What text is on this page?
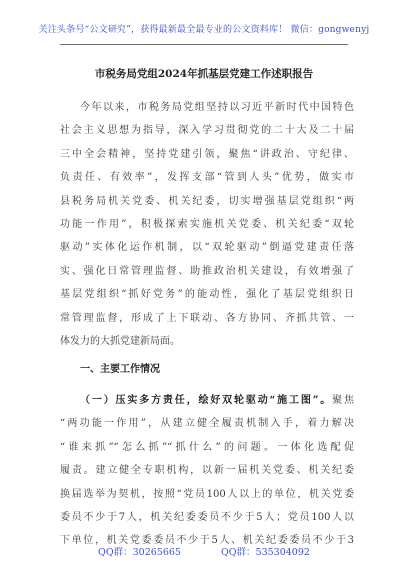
关注头条号“公文研究”，获得最新最全最专业的公文资料库！ 微信：gongwenyj
市税务局党组2024年抓基层党建工作述职报告

今年以来，市税务局党组坚持以习近平新时代中国特色

社会主义思想为指导，深入学习贯彻党的二十大及二十届

三中全会精神，坚持党建引领，聚焦“讲政治、守纪律、

负责任、有效率”，发挥支部“管到人头”优势，做实市

县税务局机关党委、机关纪委，切实增强基层党组织“两

功能一作用”，积极探索实施机关党委、机关纪委“双轮

驱动”实体化运作机制，以“双轮驱动”倒逼党建责任落

实、强化日常管理监督、助推政治机关建设，有效增强了

基层党组织“抓好党务”的能动性，强化了基层党组织日

常管理监督，形成了上下联动、各方协同、齐抓共管、一

体发力的大抓党建新局面。

一、主要工作情况

（一）压实多方责任，绘好双轮驱动“施工图”。聚焦

“两功能一作用”，从建立健全履责机制入手，着力解决

“谁来抓”“怎么抓”“抓什么”的问题。一体化选配促

履责。建立健全专职机构，以新一届机关党委、机关纪委

换届选举为契机，按照“党员100人以上的单位，机关党委

委员不少于7人，机关纪委委员不少于5人；党员100人以

下单位，机关党委委员不少于5人、机关纪委委员不少于3

QQ群：30265665	QQ群：535304092
